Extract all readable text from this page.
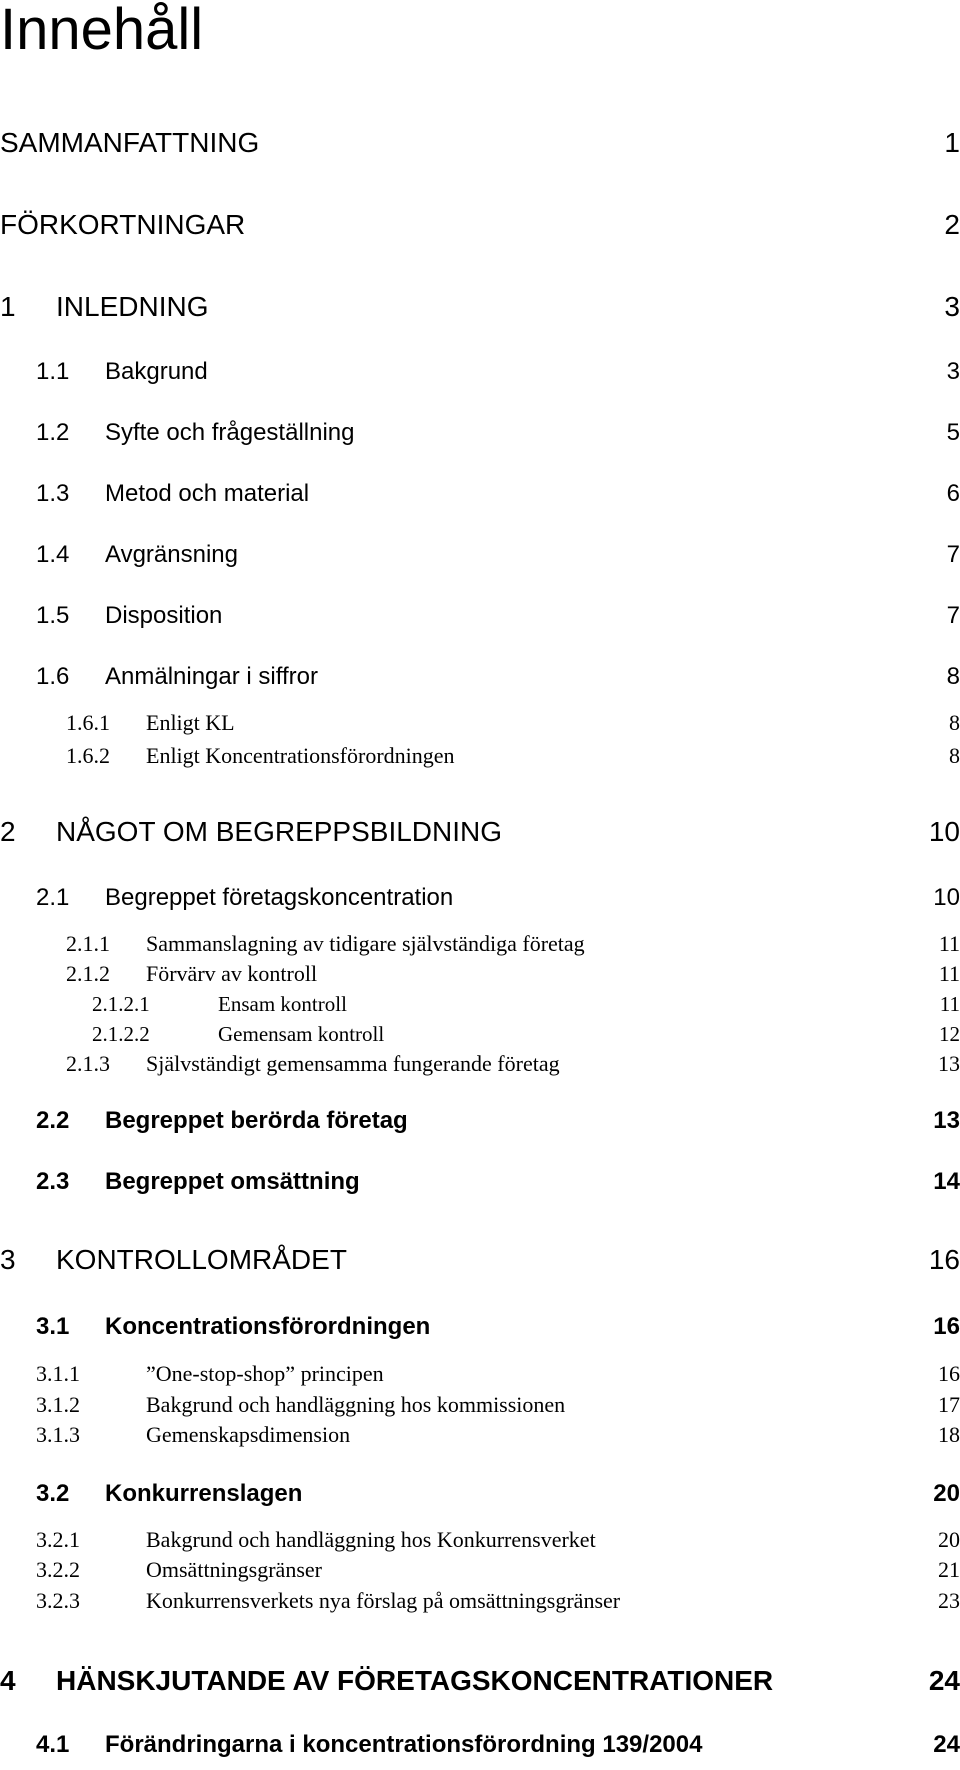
Innehåll
SAMMANFATTNING	1
FÖRKORTNINGAR	2
1 INLEDNING	3
1.1 Bakgrund	3
1.2 Syfte och frågeställning	5
1.3 Metod och material	6
1.4 Avgränsning	7
1.5 Disposition	7
1.6 Anmälningar i siffror	8
1.6.1 Enligt KL	8
1.6.2 Enligt Koncentrationsförordningen	8
2 NÅGOT OM BEGREPPSBILDNING	10
2.1 Begreppet företagskoncentration	10
2.1.1 Sammanslagning av tidigare självständiga företag	11
2.1.2 Förvärv av kontroll	11
2.1.2.1	Ensam kontroll	11
2.1.2.2	Gemensam kontroll	12
2.1.3 Självständigt gemensamma fungerande företag	13
2.2 Begreppet berörda företag	13
2.3 Begreppet omsättning	14
3 KONTROLLOMRÅDET	16
3.1 Koncentrationsförordningen	16
3.1.1	”One-stop-shop” principen	16
3.1.2	Bakgrund och handläggning hos kommissionen	17
3.1.3	Gemenskapsdimension	18
3.2 Konkurrenslagen	20
3.2.1	Bakgrund och handläggning hos Konkurrensverket	20
3.2.2	Omsättningsgränser	21
3.2.3	Konkurrensverkets nya förslag på omsättningsgränser	23
4 HÄNSKJUTANDE AV FÖRETAGSKONCENTRATIONER	24
4.1 Förändringarna i koncentrationsförordning 139/2004	24
